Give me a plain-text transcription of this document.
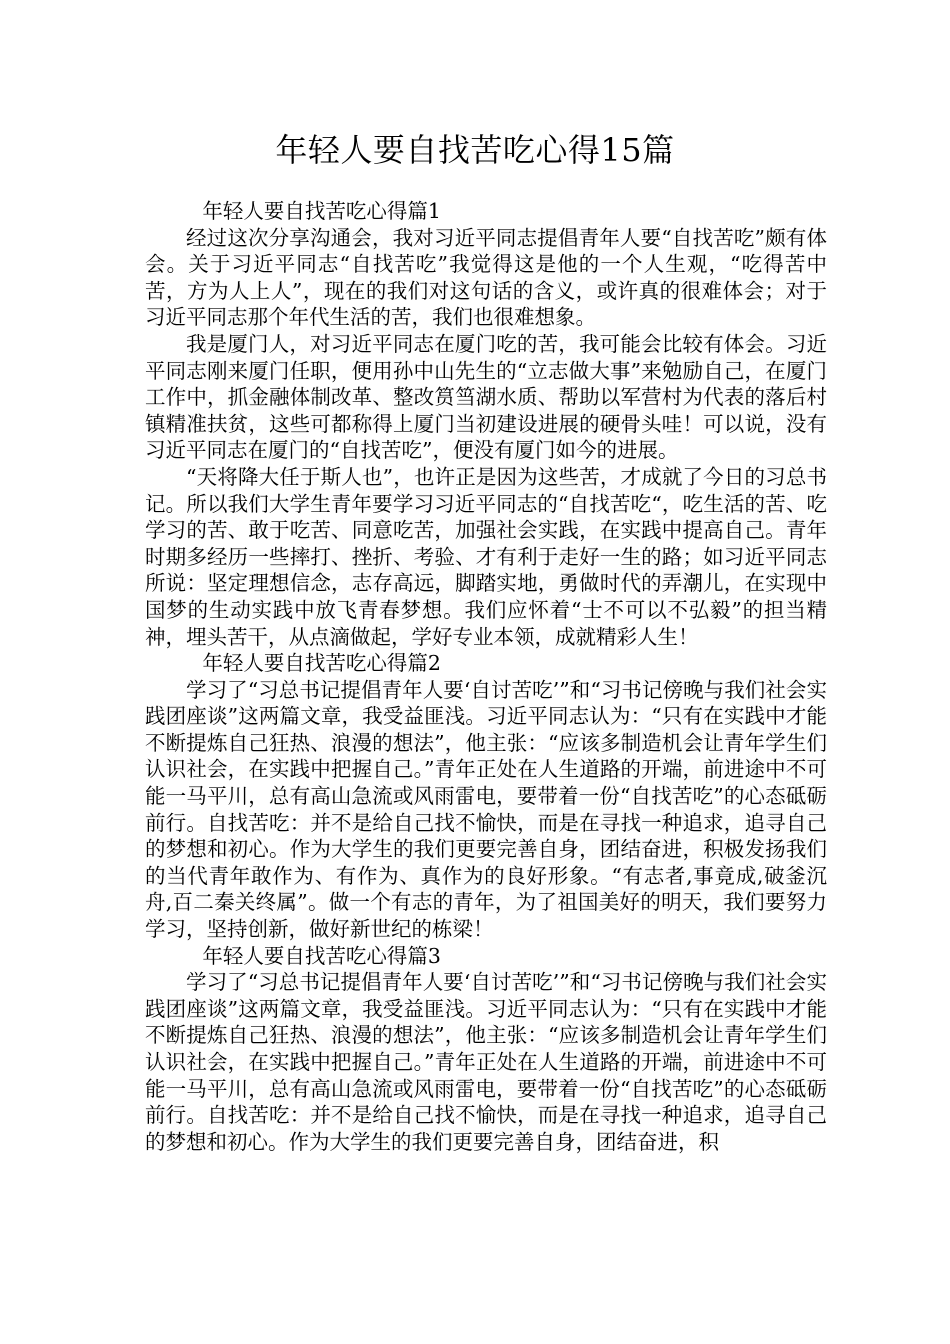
年轻人要自找苦吃心得15篇

年轻人要自找苦吃心得篇1

经过这次分享沟通会，我对习近平同志提倡青年人要“自找苦吃”颇有体会。关于习近平同志“自找苦吃”我觉得这是他的一个人生观，“吃得苦中苦，方为人上人”，现在的我们对这句话的含义，或许真的很难体会；对于习近平同志那个年代生活的苦，我们也很难想象。

我是厦门人，对习近平同志在厦门吃的苦，我可能会比较有体会。习近平同志刚来厦门任职，便用孙中山先生的“立志做大事”来勉励自己，在厦门工作中，抓金融体制改革、整改筼筜湖水质、帮助以军营村为代表的落后村镇精准扶贫，这些可都称得上厦门当初建设进展的硬骨头哇！可以说，没有习近平同志在厦门的“自找苦吃”，便没有厦门如今的进展。

“天将降大任于斯人也”，也许正是因为这些苦，才成就了今日的习总书记。所以我们大学生青年要学习习近平同志的“自找苦吃“，吃生活的苦、吃学习的苦、敢于吃苦、同意吃苦，加强社会实践，在实践中提高自己。青年时期多经历一些摔打、挫折、考验、才有利于走好一生的路；如习近平同志所说：坚定理想信念，志存高远，脚踏实地，勇做时代的弄潮儿，在实现中国梦的生动实践中放飞青春梦想。我们应怀着“士不可以不弘毅”的担当精神，埋头苦干，从点滴做起，学好专业本领，成就精彩人生！

年轻人要自找苦吃心得篇2

学习了“习总书记提倡青年人要‘自讨苦吃’”和“习书记傍晚与我们社会实践团座谈”这两篇文章，我受益匪浅。习近平同志认为：“只有在实践中才能不断提炼自己狂热、浪漫的想法”，他主张：“应该多制造机会让青年学生们认识社会，在实践中把握自己。”青年正处在人生道路的开端，前进途中不可能一马平川，总有高山急流或风雨雷电，要带着一份“自找苦吃”的心态砥砺前行。自找苦吃：并不是给自己找不愉快，而是在寻找一种追求，追寻自己的梦想和初心。作为大学生的我们更要完善自身，团结奋进，积极发扬我们的当代青年敢作为、有作为、真作为的良好形象。“有志者,事竟成,破釜沉舟,百二秦关终属”。做一个有志的青年，为了祖国美好的明天，我们要努力学习，坚持创新，做好新世纪的栋梁！

年轻人要自找苦吃心得篇3

学习了“习总书记提倡青年人要‘自讨苦吃’”和“习书记傍晚与我们社会实践团座谈”这两篇文章，我受益匪浅。习近平同志认为：“只有在实践中才能不断提炼自己狂热、浪漫的想法”，他主张：“应该多制造机会让青年学生们认识社会，在实践中把握自己。”青年正处在人生道路的开端，前进途中不可能一马平川，总有高山急流或风雨雷电，要带着一份“自找苦吃”的心态砥砺前行。自找苦吃：并不是给自己找不愉快，而是在寻找一种追求，追寻自己的梦想和初心。作为大学生的我们更要完善自身，团结奋进，积
